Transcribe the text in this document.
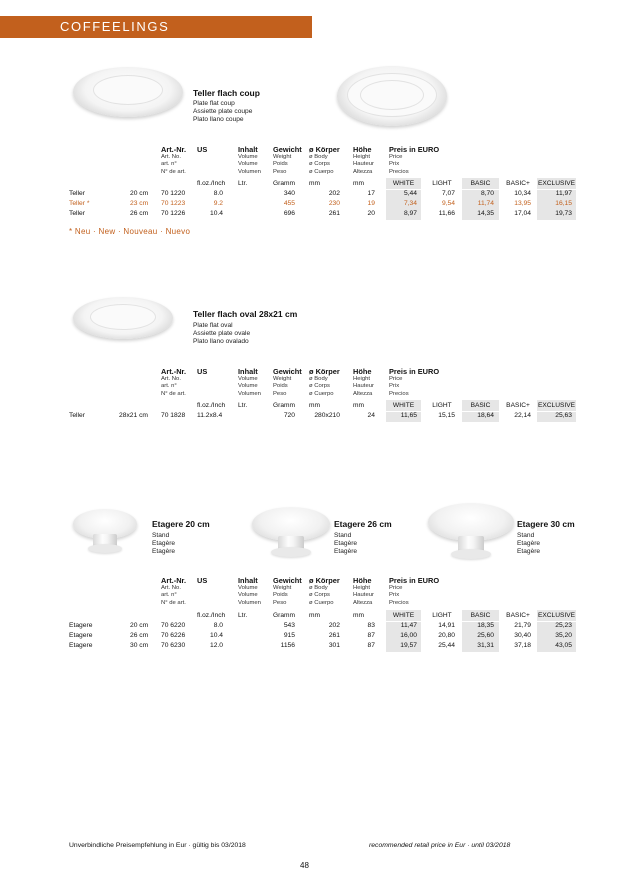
COFFEELINGS
Teller flach coup
Plate flat coup
Assiette plate coupe
Plato llano coupe
Art.-Nr.
Art. No.
art. n°
N° de art.
US	Inhalt
Volume
Volume
Volumen
Gewicht
Weight
Poids
Peso
ø Körper
ø Body
ø Corps
ø Cuerpo
Höhe
Height
Hauteur
Altezza
Preis in EURO
Price
Prix
Precios
fl.oz./Inch Ltr.	Gramm mm	mm	WHITE	LIGHT	BASIC	BASIC+	EXCLUSIVE
Teller	20 cm 70 1220	8.0	340	202	17	5,44	7,07	8,70	10,34	11,97
Teller *	23 cm 70 1223	9.2	455	230	19	7,34	9,54	11,74	13,95	16,15
Teller	26 cm 70 1226	10.4	696	261	20	8,97	11,66	14,35	17,04	19,73
* Neu · New · Nouveau · Nuevo
Teller flach oval 28x21 cm
Plate flat oval
Assiette plate ovale
Plato llano ovalado
Art.-Nr.
Art. No.
art. n°
N° de art.
US	Inhalt
Volume
Volume
Volumen
Gewicht
Weight
Poids
Peso
ø Körper
ø Body
ø Corps
ø Cuerpo
Höhe
Height
Hauteur
Altezza
Preis in EURO
Price
Prix
Precios
fl.oz./Inch Ltr.	Gramm mm	mm	WHITE	LIGHT	BASIC	BASIC+	EXCLUSIVE
Teller	28x21 cm 70 1828 11.2x8.4	720	280x210	24	11,65	15,15	18,64	22,14	25,63
Etagere 20 cm
Stand
Etagère
Etagère
Etagere 26 cm
Stand
Etagère
Etagère
Etagere 30 cm
Stand
Etagère
Etagère
Art.-Nr.
Art. No.
art. n°
N° de art.
US	Inhalt
Volume
Volume
Volumen
Gewicht
Weight
Poids
Peso
ø Körper
ø Body
ø Corps
ø Cuerpo
Höhe
Height
Hauteur
Altezza
Preis in EURO
Price
Prix
Precios
fl.oz./Inch Ltr.	Gramm mm	mm	WHITE	LIGHT	BASIC	BASIC+	EXCLUSIVE
Etagere	20 cm 70 6220	8.0	543	202	83	11,47	14,91	18,35	21,79	25,23
Etagere	26 cm 70 6226	10.4	915	261	87	16,00	20,80	25,60	30,40	35,20
Etagere	30 cm 70 6230	12.0	1156	301	87	19,57	25,44	31,31	37,18	43,05
Unverbindliche Preisempfehlung in Eur · gültig bis 03/2018	recommended retail price in Eur · until 03/2018
48
